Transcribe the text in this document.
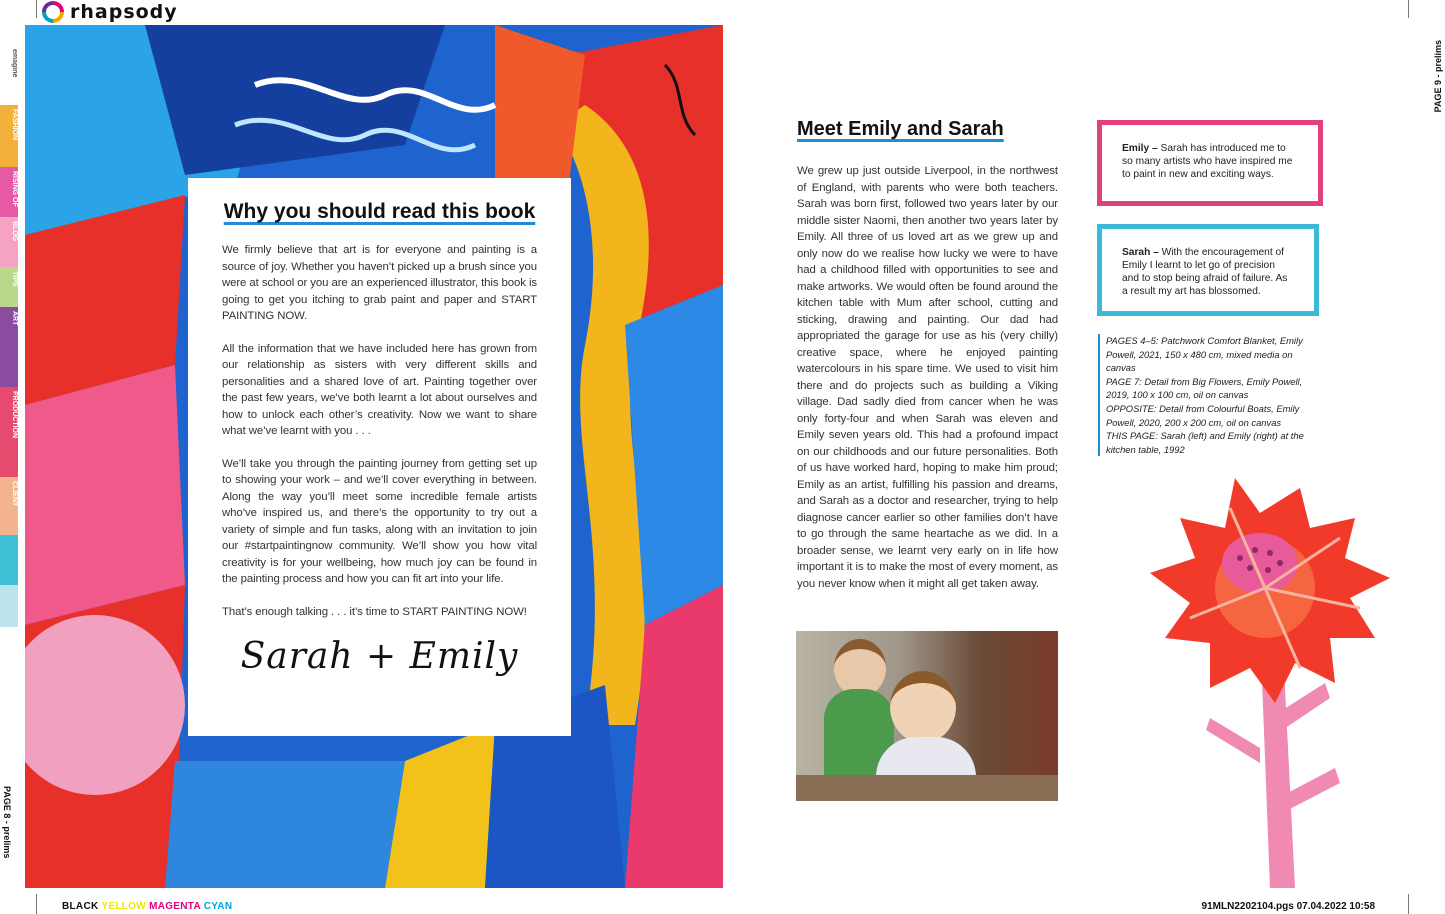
rhapsody
emagine
FASHION
RISING OF
BLOG
TIPS
ART
PRODUCTION
CLIENT
Why you should read this book

We firmly believe that art is for everyone and painting is a source of joy. Whether you haven’t picked up a brush since you were at school or you are an experienced illustrator, this book is going to get you itching to grab paint and paper and START PAINTING NOW.

All the information that we have included here has grown from our relationship as sisters with very different skills and personalities and a shared love of art. Painting together over the past few years, we’ve both learnt a lot about ourselves and how to unlock each other’s creativity. Now we want to share what we’ve learnt with you . . .

We’ll take you through the painting journey from getting set up to showing your work – and we’ll cover everything in between. Along the way you’ll meet some incredible female artists who’ve inspired us, and there’s the opportunity to try out a variety of simple and fun tasks, along with an invitation to join our #startpaintingnow community. We’ll show you how vital creativity is for your wellbeing, how much joy can be found in the painting process and how you can fit art into your life.

That’s enough talking . . . it’s time to START PAINTING NOW!

Sarah + Emily
Meet Emily and Sarah
We grew up just outside Liverpool, in the northwest of England, with parents who were both teachers. Sarah was born first, followed two years later by our middle sister Naomi, then another two years later by Emily. All three of us loved art as we grew up and only now do we realise how lucky we were to have had a childhood filled with opportunities to see and make artworks. We would often be found around the kitchen table with Mum after school, cutting and sticking, drawing and painting. Our dad had appropriated the garage for use as his (very chilly) creative space, where he enjoyed painting watercolours in his spare time. We used to visit him there and do projects such as building a Viking village. Dad sadly died from cancer when he was only forty-four and when Sarah was eleven and Emily seven years old. This had a profound impact on our childhoods and our future personalities. Both of us have worked hard, hoping to make him proud; Emily as an artist, fulfilling his passion and dreams, and Sarah as a doctor and researcher, trying to help diagnose cancer earlier so other families don’t have to go through the same heartache as we did. In a broader sense, we learnt very early on in life how important it is to make the most of every moment, as you never know when it might all get taken away.
Emily – Sarah has introduced me to so many artists who have inspired me to paint in new and exciting ways.
Sarah – With the encouragement of Emily I learnt to let go of precision and to stop being afraid of failure. As a result my art has blossomed.
PAGES 4–5: Patchwork Comfort Blanket, Emily Powell, 2021, 150 x 480 cm, mixed media on canvas
PAGE 7: Detail from Big Flowers, Emily Powell, 2019, 100 x 100 cm, oil on canvas
OPPOSITE: Detail from Colourful Boats, Emily Powell, 2020, 200 x 200 cm, oil on canvas
THIS PAGE: Sarah (left) and Emily (right) at the kitchen table, 1992
PAGE 9 - prelims
PAGE 8 - prelims
BLACK YELLOW MAGENTA CYAN	91MLN2202104.pgs 07.04.2022 10:58
